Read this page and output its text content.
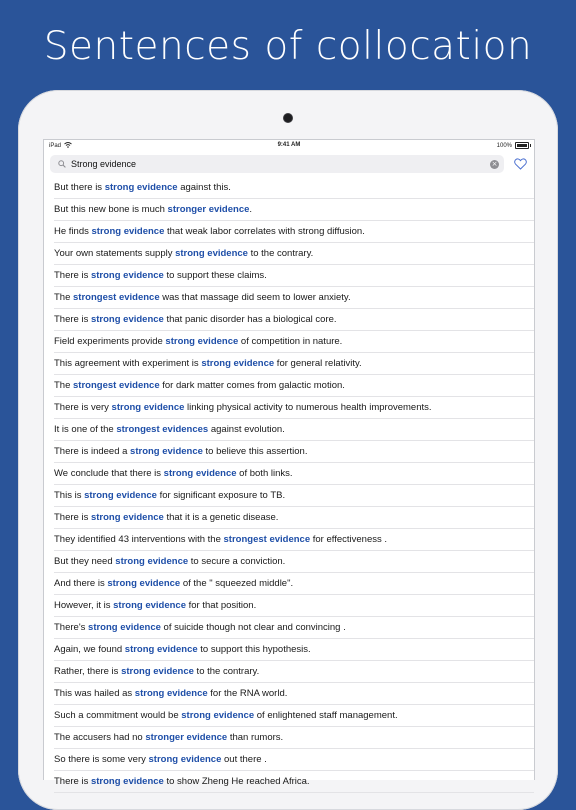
Sentences of collocation
iPad	9:41 AM	100%
Strong evidence
×
But there is strong evidence against this.
But this new bone is much stronger evidence.
He finds strong evidence that weak labor correlates with strong diffusion.
Your own statements supply strong evidence to the contrary.
There is strong evidence to support these claims.
The strongest evidence was that massage did seem to lower anxiety.
There is strong evidence that panic disorder has a biological core.
Field experiments provide strong evidence of competition in nature.
This agreement with experiment is strong evidence for general relativity.
The strongest evidence for dark matter comes from galactic motion.
There is very strong evidence linking physical activity to numerous health improvements.
It is one of the strongest evidences against evolution.
There is indeed a strong evidence to believe this assertion.
We conclude that there is strong evidence of both links.
This is strong evidence for significant exposure to TB.
There is strong evidence that it is a genetic disease.
They identified 43 interventions with the strongest evidence for effectiveness .
But they need strong evidence to secure a conviction.
And there is strong evidence of the " squeezed middle".
However, it is strong evidence for that position.
There's strong evidence of suicide though not clear and convincing .
Again, we found strong evidence to support this hypothesis.
Rather, there is strong evidence to the contrary.
This was hailed as strong evidence for the RNA world.
Such a commitment would be strong evidence of enlightened staff management.
The accusers had no stronger evidence than rumors.
So there is some very strong evidence out there .
There is strong evidence to show Zheng He reached Africa.
